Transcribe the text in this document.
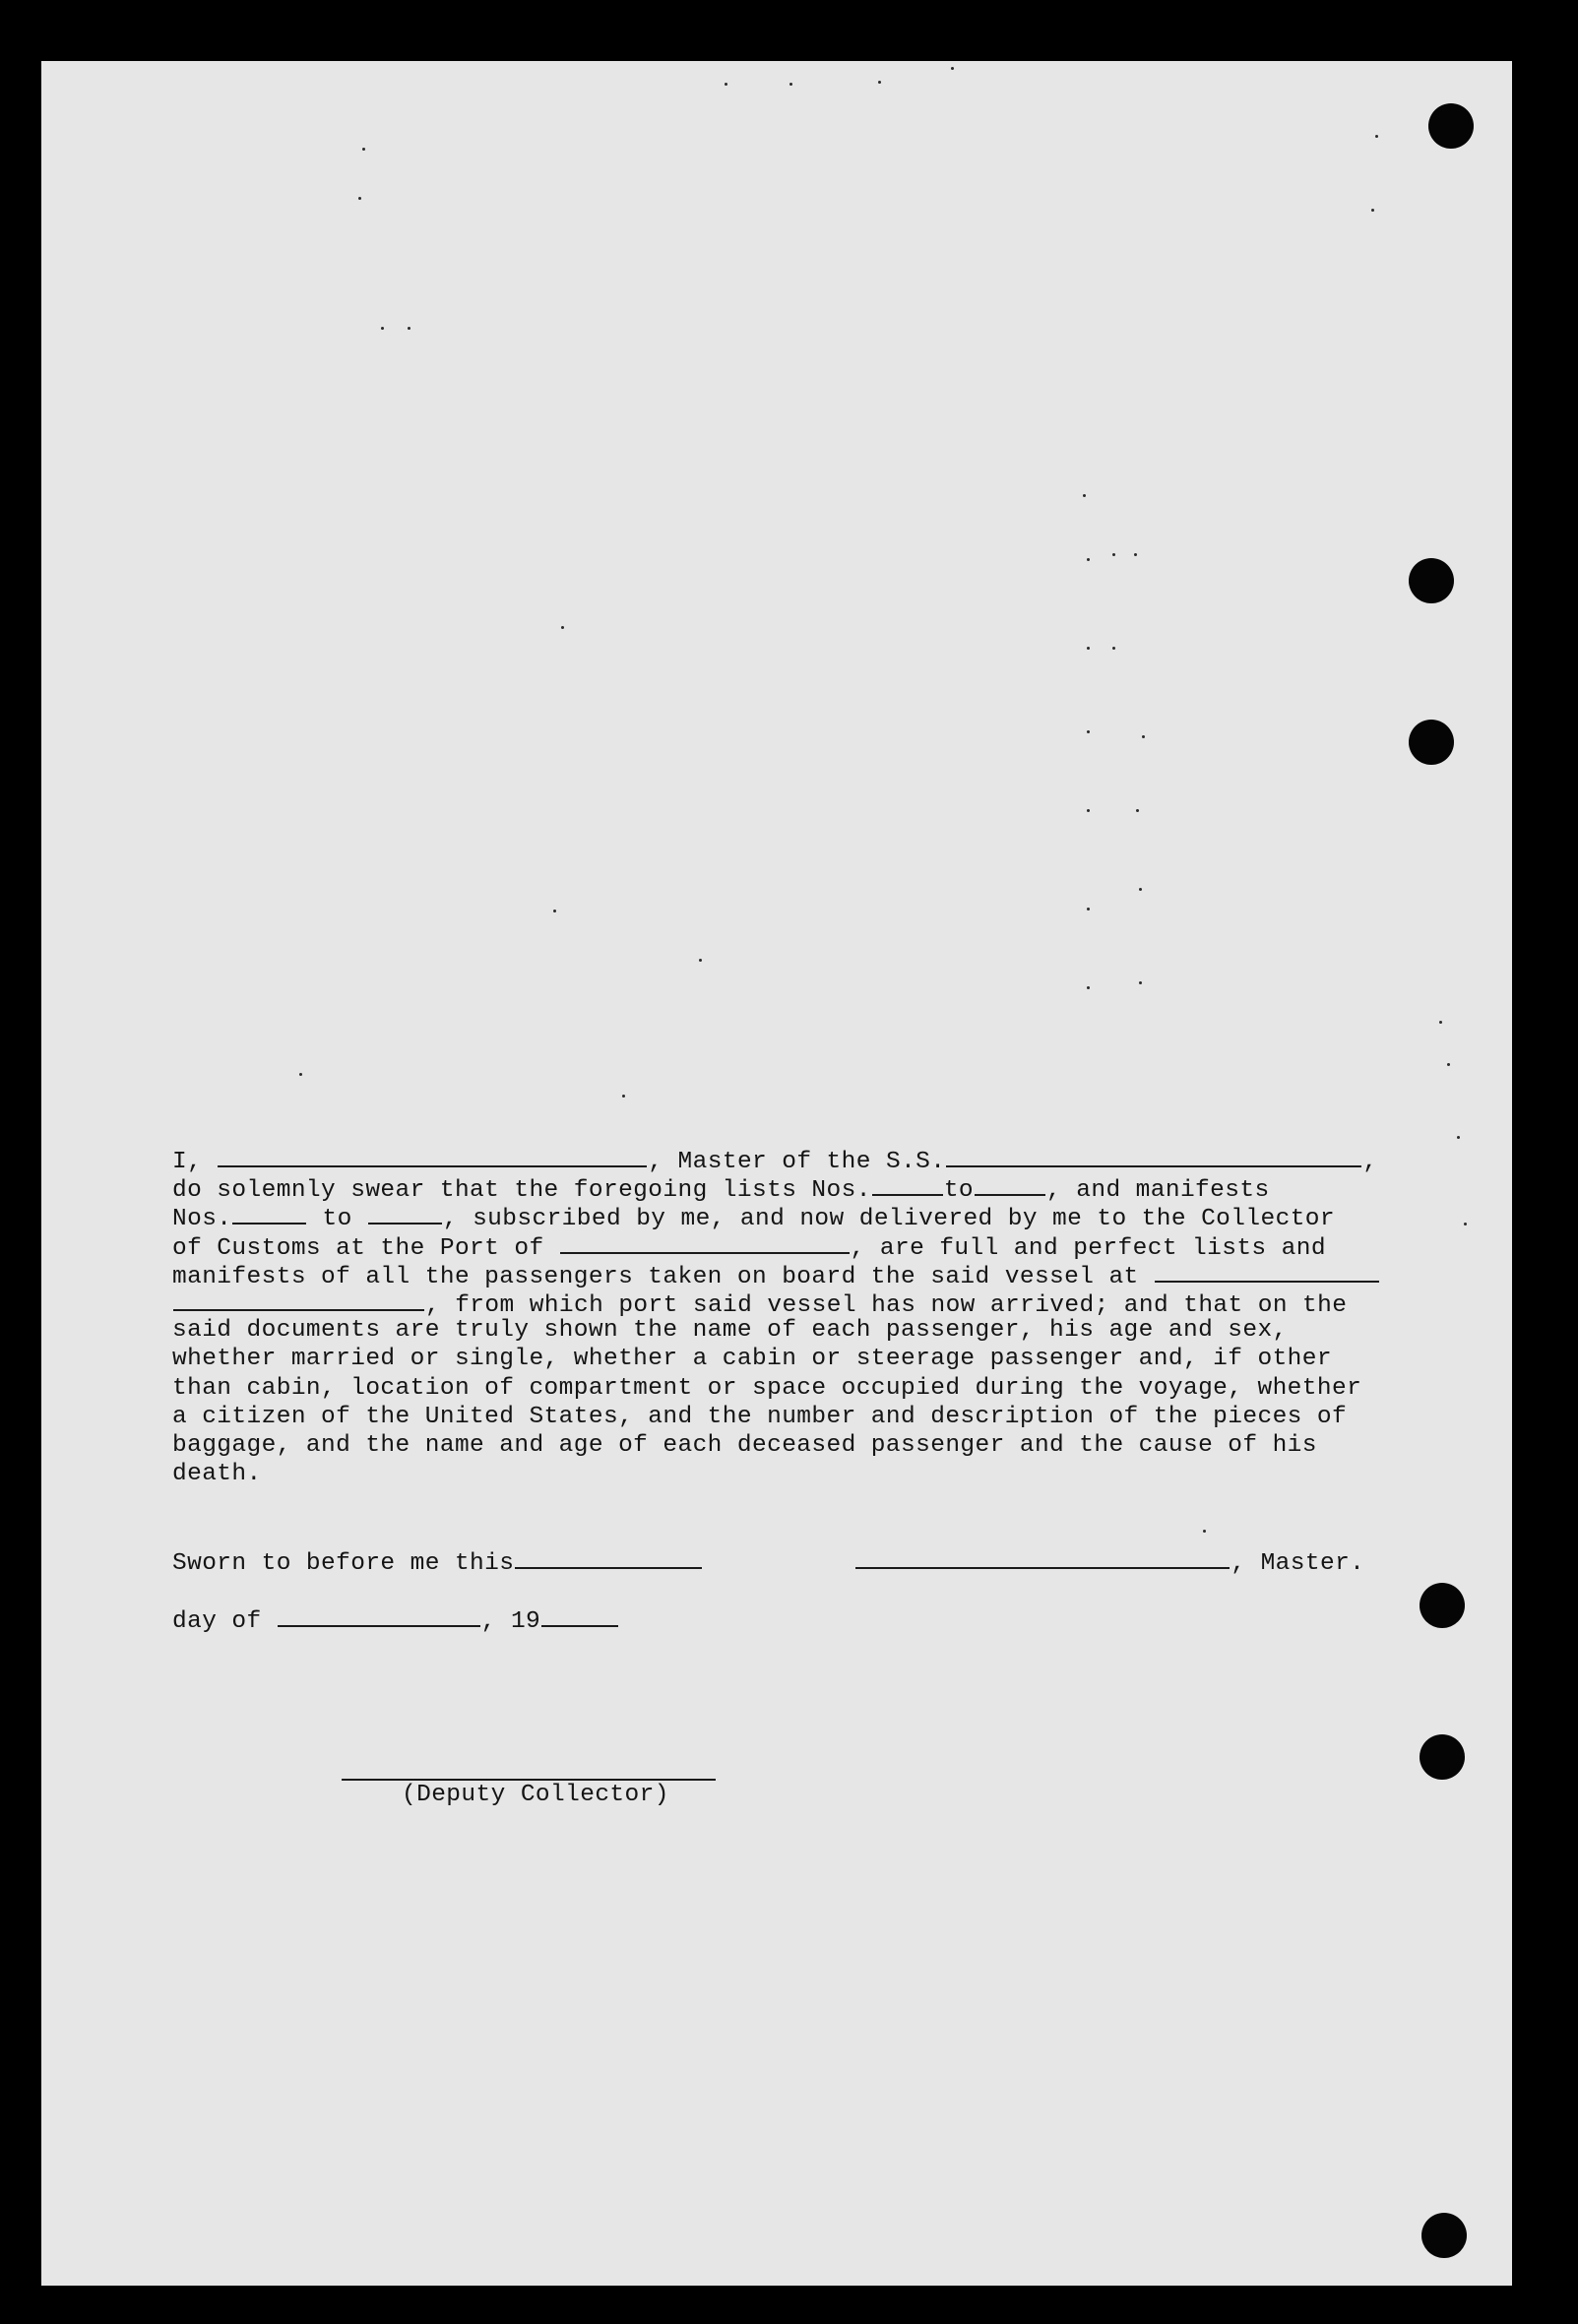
I,	, Master of the S.S.	,
do solemnly swear that the foregoing lists Nos.	to	, and manifests
Nos.	to	, subscribed by me, and now delivered by me to the Collector
of Customs at the Port of	, are full and perfect lists and
manifests of all the passengers taken on board the said vessel at
, from which port said vessel has now arrived; and that on the
said documents are truly shown the name of each passenger, his age and sex,
whether married or single, whether a cabin or steerage passenger and, if other
than cabin, location of compartment or space occupied during the voyage, whether
a citizen of the United States, and the number and description of the pieces of
baggage, and the name and age of each deceased passenger and the cause of his
death.
Sworn to before me this	, Master.
day of	, 19
(Deputy Collector)
